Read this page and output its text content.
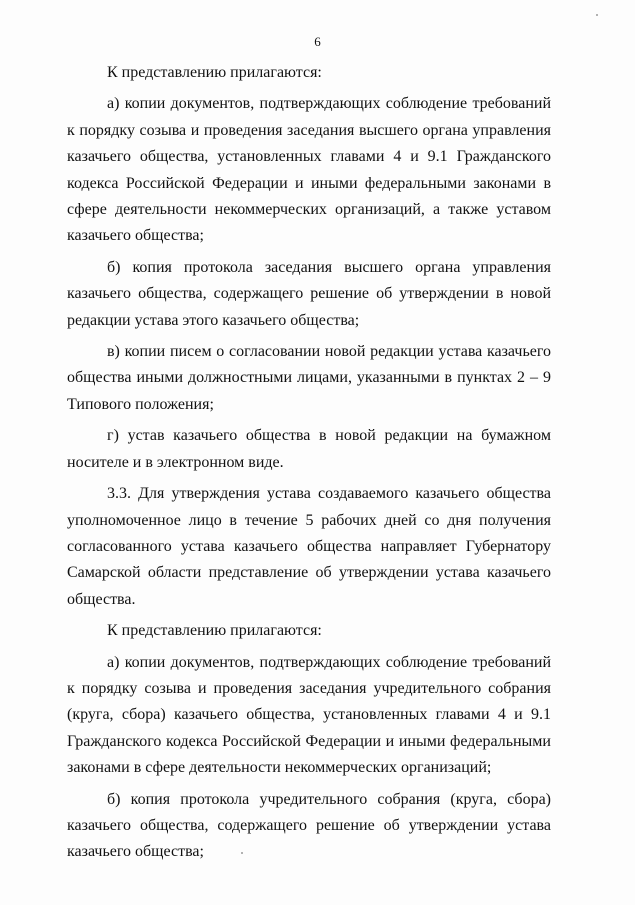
6

К представлению прилагаются:

а) копии документов, подтверждающих соблюдение требований к порядку созыва и проведения заседания высшего органа управления казачьего общества, установленных главами 4 и 9.1 Гражданского кодекса Российской Федерации и иными федеральными законами в сфере деятельности некоммерческих организаций, а также уставом казачьего общества;

б) копия протокола заседания высшего органа управления казачьего общества, содержащего решение об утверждении в новой редакции устава этого казачьего общества;

в) копии писем о согласовании новой редакции устава казачьего общества иными должностными лицами, указанными в пунктах 2 – 9 Типового положения;

г) устав казачьего общества в новой редакции на бумажном носителе и в электронном виде.

3.3. Для утверждения устава создаваемого казачьего общества уполномоченное лицо в течение 5 рабочих дней со дня получения согласованного устава казачьего общества направляет Губернатору Самарской области представление об утверждении устава казачьего общества.

К представлению прилагаются:

а) копии документов, подтверждающих соблюдение требований к порядку созыва и проведения заседания учредительного собрания (круга, сбора) казачьего общества, установленных главами 4 и 9.1 Гражданского кодекса Российской Федерации и иными федеральными законами в сфере деятельности некоммерческих организаций;

б) копия протокола учредительного собрания (круга, сбора) казачьего общества, содержащего решение об утверждении устава казачьего общества;
